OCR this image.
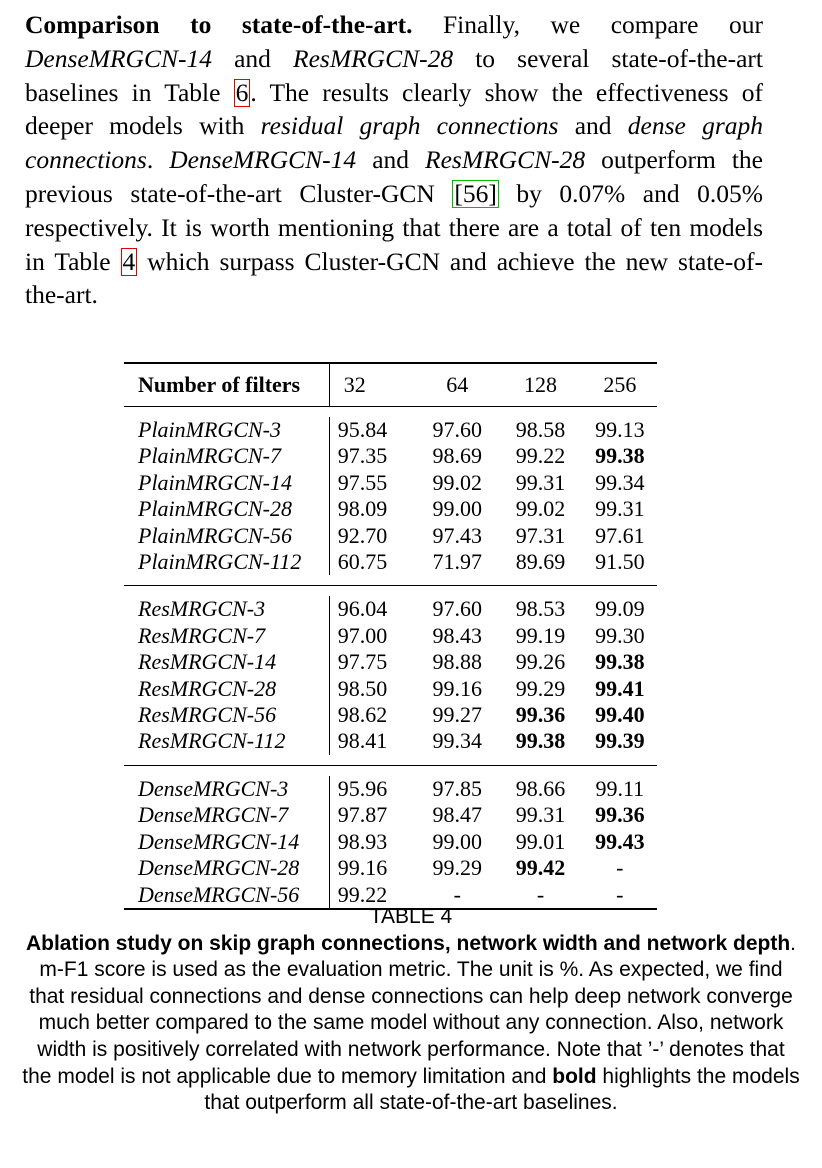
Comparison to state-of-the-art. Finally, we compare our DenseMRGCN-14 and ResMRGCN-28 to several state-of-the-art baselines in Table 6. The results clearly show the effectiveness of deeper models with residual graph connections and dense graph connections. DenseMRGCN-14 and ResMRGCN-28 outperform the previous state-of-the-art Cluster-GCN [56] by 0.07% and 0.05% respectively. It is worth mentioning that there are a total of ten models in Table 4 which surpass Cluster-GCN and achieve the new state-of-the-art.

Number of filters	32	64	128	256

PlainMRGCN-3	95.84	97.60	98.58	99.13
PlainMRGCN-7	97.35	98.69	99.22	99.38
PlainMRGCN-14	97.55	99.02	99.31	99.34
PlainMRGCN-28	98.09	99.00	99.02	99.31
PlainMRGCN-56	92.70	97.43	97.31	97.61
PlainMRGCN-112	60.75	71.97	89.69	91.50

ResMRGCN-3	96.04	97.60	98.53	99.09
ResMRGCN-7	97.00	98.43	99.19	99.30
ResMRGCN-14	97.75	98.88	99.26	99.38
ResMRGCN-28	98.50	99.16	99.29	99.41
ResMRGCN-56	98.62	99.27	99.36	99.40
ResMRGCN-112	98.41	99.34	99.38	99.39

DenseMRGCN-3	95.96	97.85	98.66	99.11
DenseMRGCN-7	97.87	98.47	99.31	99.36
DenseMRGCN-14	98.93	99.00	99.01	99.43
DenseMRGCN-28	99.16	99.29	99.42	-
DenseMRGCN-56	99.22	-	-	-
TABLE 4
Ablation study on skip graph connections, network width and network depth. m-F1 score is used as the evaluation metric. The unit is %. As expected, we find that residual connections and dense connections can help deep network converge much better compared to the same model without any connection. Also, network width is positively correlated with network performance. Note that ’-’ denotes that the model is not applicable due to memory limitation and bold highlights the models that outperform all state-of-the-art baselines.
